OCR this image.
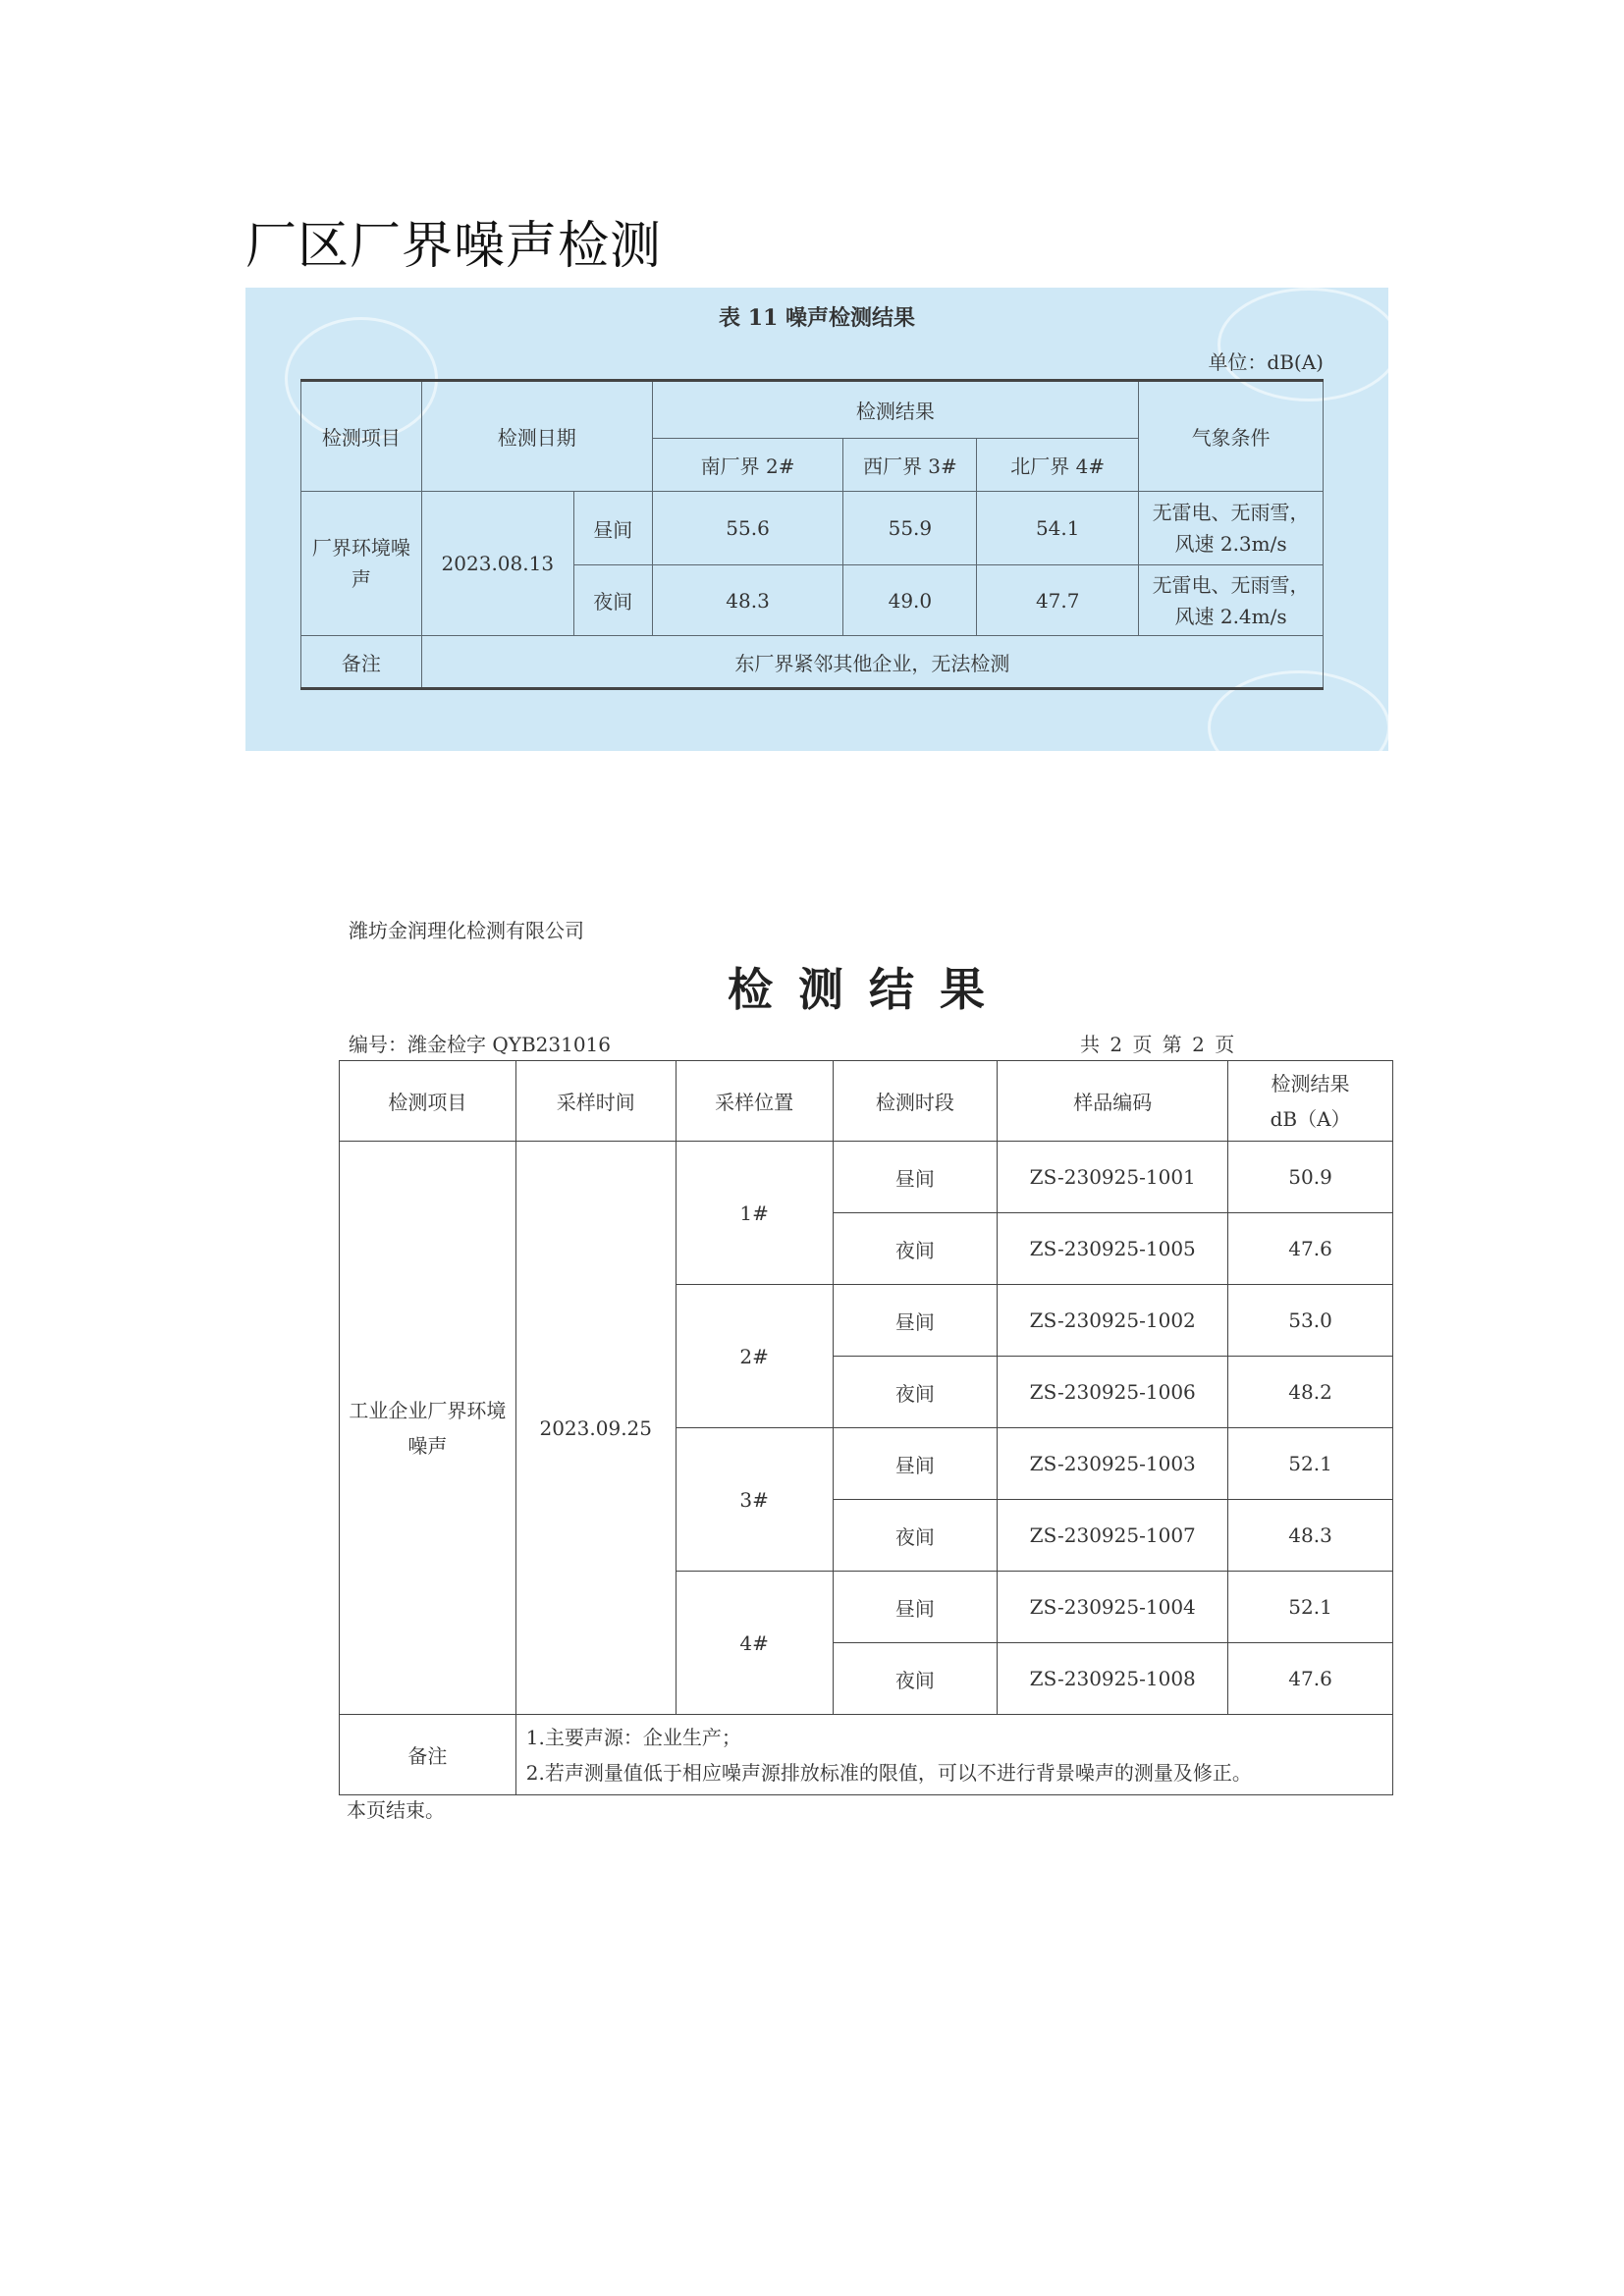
厂区厂界噪声检测
表 11 噪声检测结果
单位：dB(A)
检测项目	检测日期		检测结果			气象条件
			南厂界 2#	西厂界 3#	北厂界 4#	
厂界环境噪声	2023.08.13	昼间	55.6	55.9	54.1	无雷电、无雨雪，风速 2.3m/s
		夜间	48.3	49.0	47.7	无雷电、无雨雪，风速 2.4m/s
备注	东厂界紧邻其他企业，无法检测					
潍坊金润理化检测有限公司
检测结果
编号：潍金检字 QYB231016	共 2 页 第 2 页
检测项目	采样时间	采样位置	检测时段	样品编码	检测结果
dB（A）

工业企业厂界环境噪声	2023.09.25	1#	昼间	ZS-230925-1001	50.9
			夜间	ZS-230925-1005	47.6
		2#	昼间	ZS-230925-1002	53.0
			夜间	ZS-230925-1006	48.2
		3#	昼间	ZS-230925-1003	52.1
			夜间	ZS-230925-1007	48.3
		4#	昼间	ZS-230925-1004	52.1
			夜间	ZS-230925-1008	47.6
备注	1.主要声源：企业生产；
2.若声测量值低于相应噪声源排放标准的限值，可以不进行背景噪声的测量及修正。				
本页结束。
